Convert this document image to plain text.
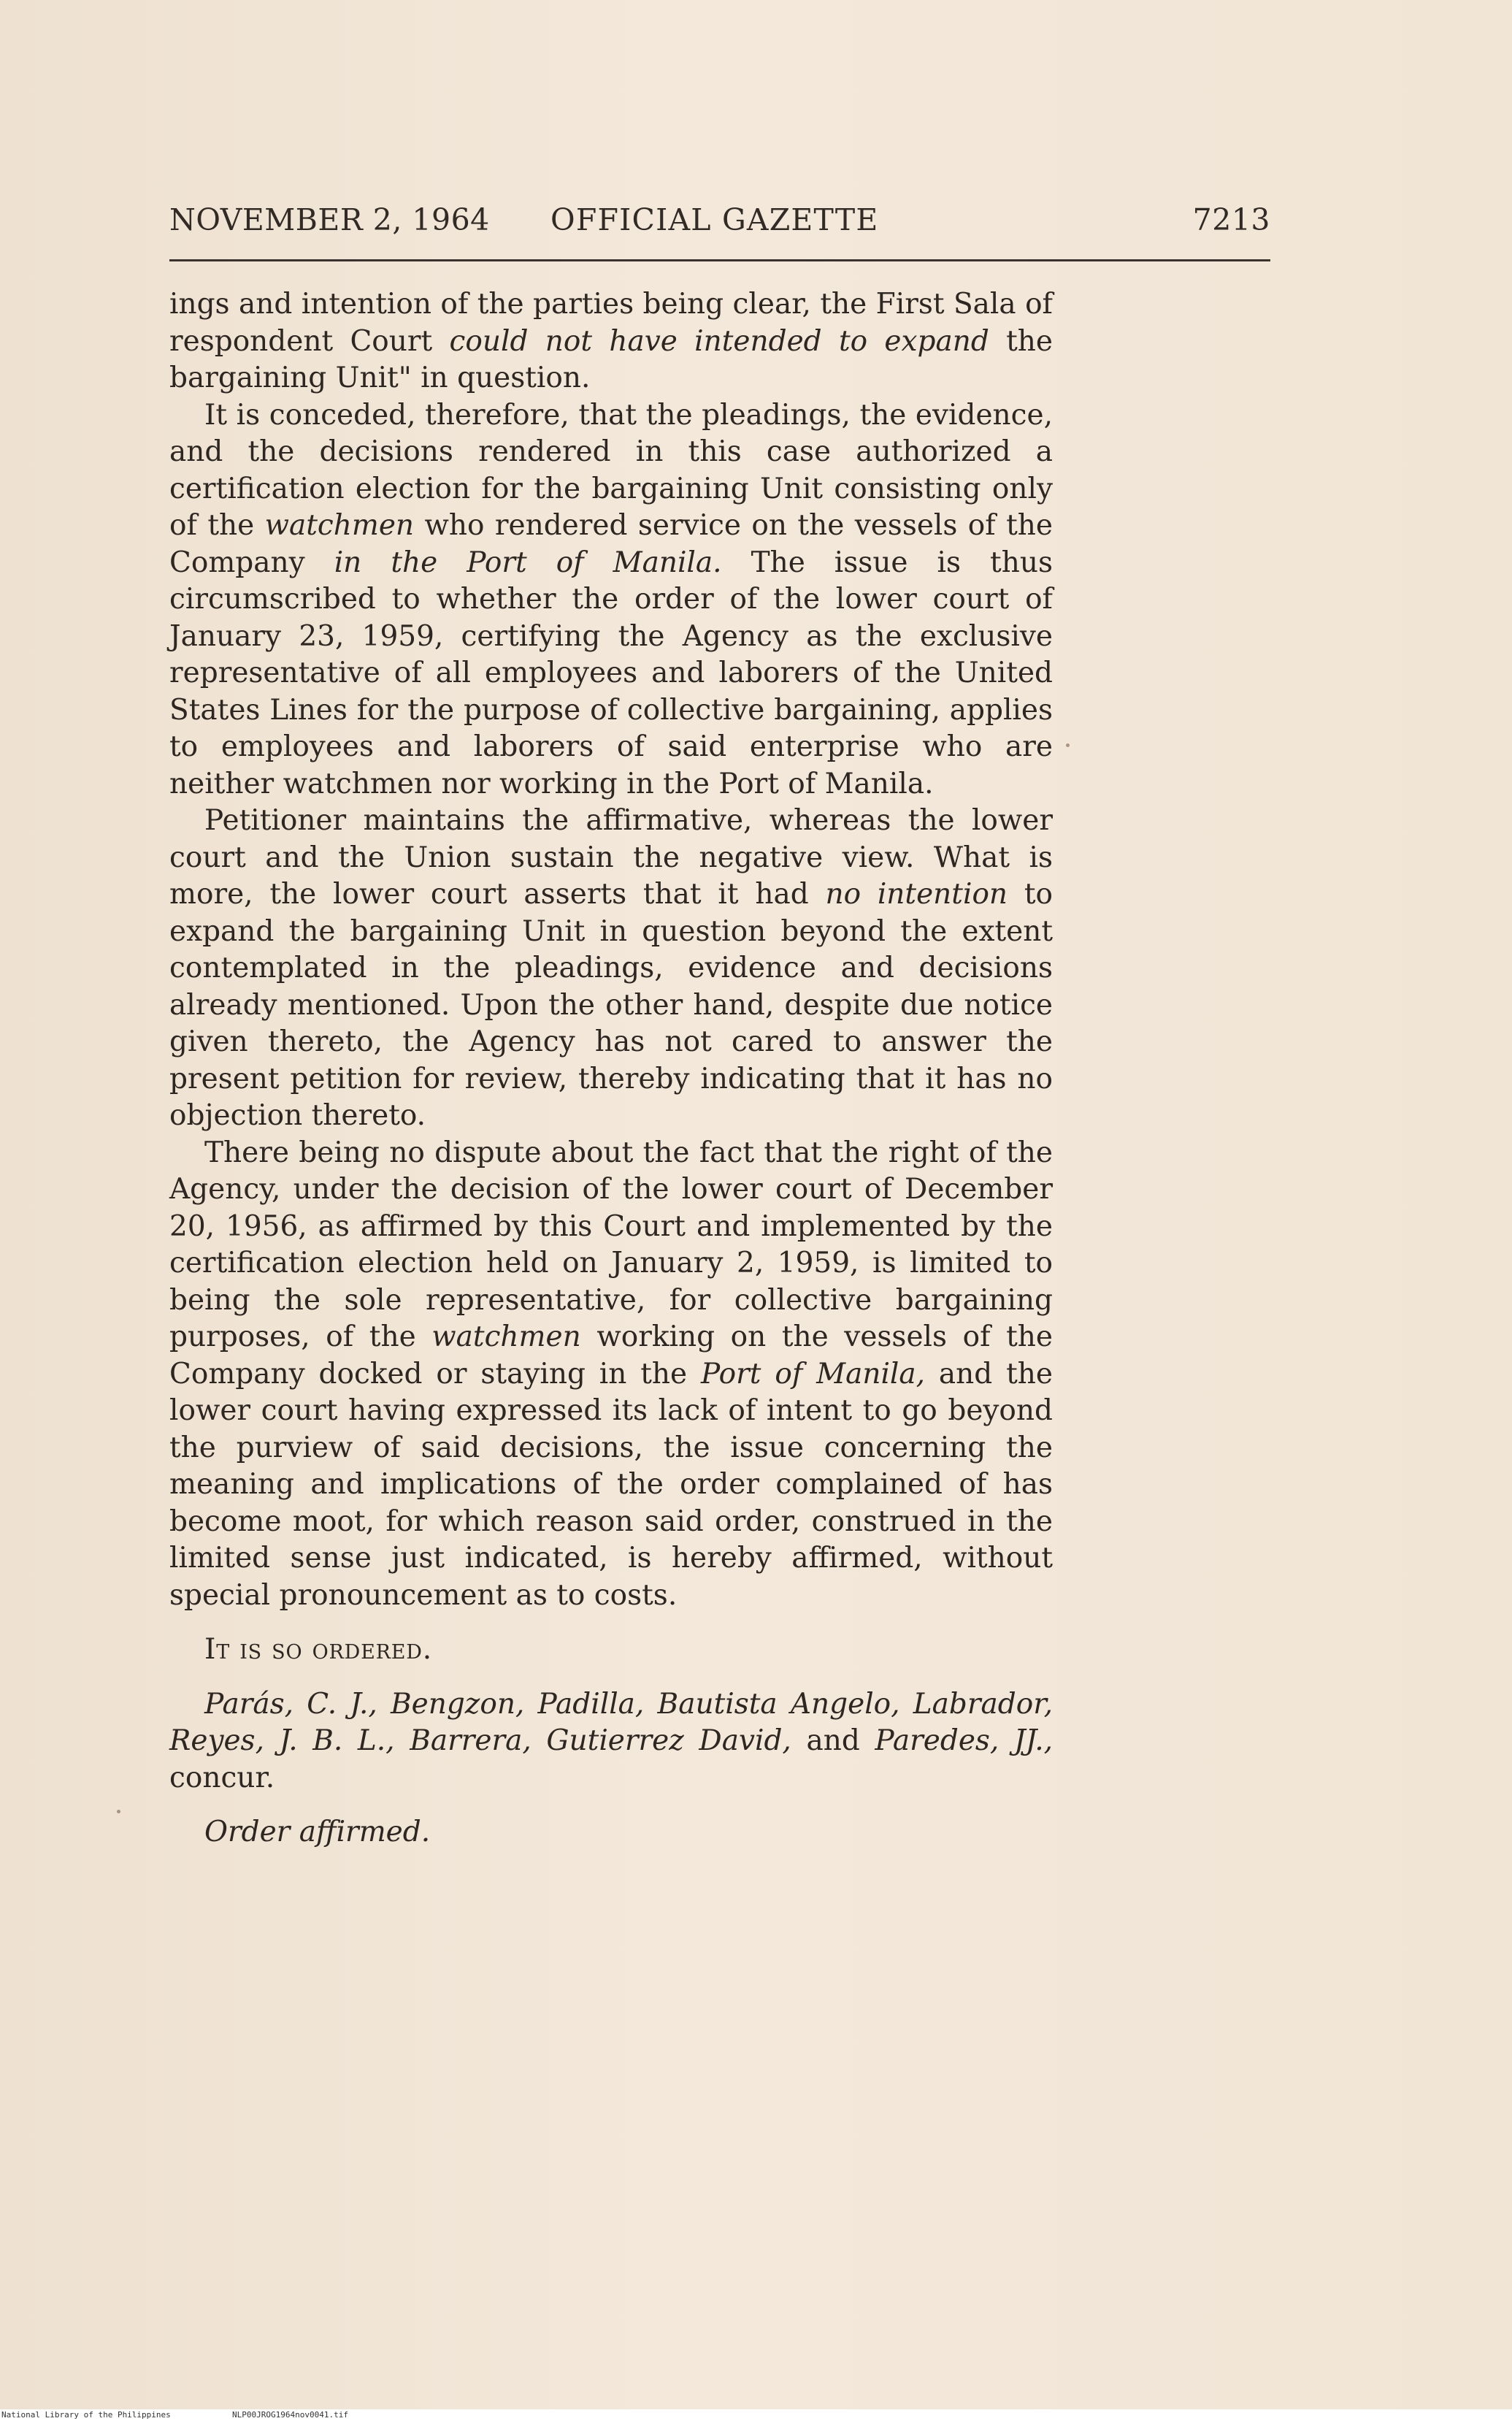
NOVEMBER 2, 1964 OFFICIAL GAZETTE	7213

ings and intention of the parties being clear, the First Sala of respondent Court could not have intended to expand the bargaining Unit" in question.

It is conceded, therefore, that the pleadings, the evidence, and the decisions rendered in this case authorized a certification election for the bargaining Unit consisting only of the watchmen who rendered service on the vessels of the Company in the Port of Manila. The issue is thus circumscribed to whether the order of the lower court of January 23, 1959, certifying the Agency as the exclusive representative of all employees and laborers of the United States Lines for the purpose of collective bargaining, applies to employees and laborers of said enterprise who are neither watchmen nor working in the Port of Manila.

Petitioner maintains the affirmative, whereas the lower court and the Union sustain the negative view. What is more, the lower court asserts that it had no intention to expand the bargaining Unit in question beyond the extent contemplated in the pleadings, evidence and decisions already mentioned. Upon the other hand, despite due notice given thereto, the Agency has not cared to answer the present petition for review, thereby indicating that it has no objection thereto.

There being no dispute about the fact that the right of the Agency, under the decision of the lower court of December 20, 1956, as affirmed by this Court and implemented by the certification election held on January 2, 1959, is limited to being the sole representative, for collective bargaining purposes, of the watchmen working on the vessels of the Company docked or staying in the Port of Manila, and the lower court having expressed its lack of intent to go beyond the purview of said decisions, the issue concerning the meaning and implications of the order complained of has become moot, for which reason said order, construed in the limited sense just indicated, is hereby affirmed, without special pronouncement as to costs.

It is so ordered.

Parás, C. J., Bengzon, Padilla, Bautista Angelo, Labrador, Reyes, J. B. L., Barrera, Gutierrez David, and Paredes, JJ., concur.

Order affirmed.

National Library of the Philippines	NLP00JROG1964nov0041.tif
